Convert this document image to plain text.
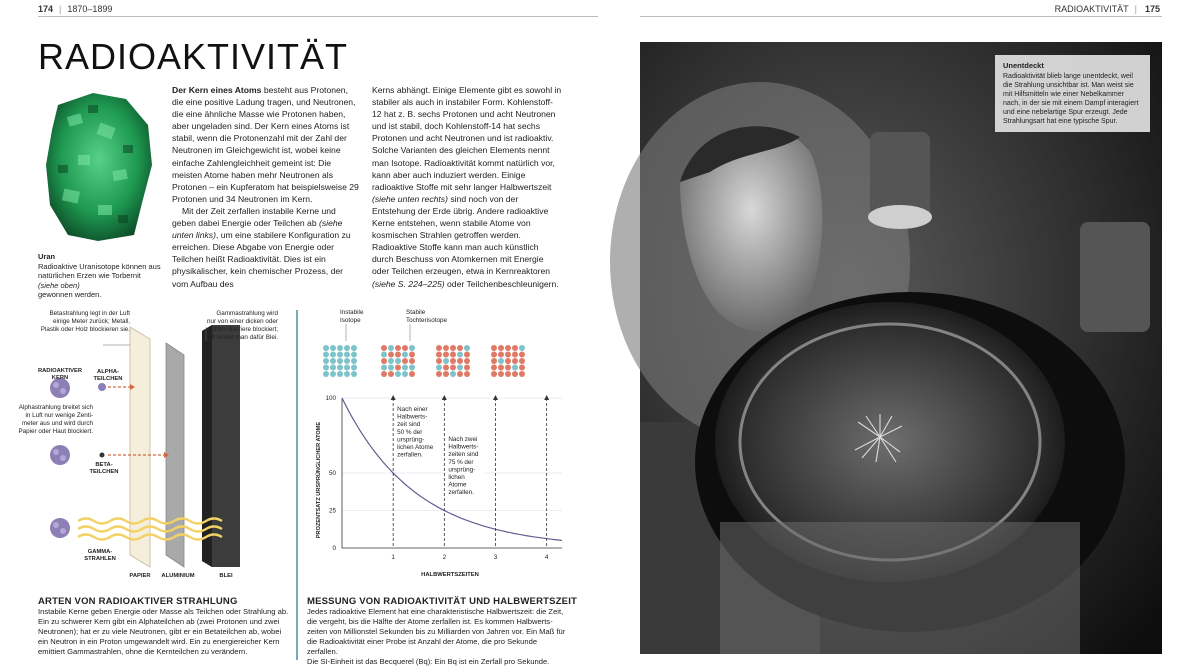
174 | 1870–1899	RADIOAKTIVITÄT | 175
RADIOAKTIVITÄT
Uran
Radioaktive Uranisotope können aus
natürlichen Erzen wie Torbernit (siehe oben)
gewonnen werden.

Der Kern eines Atoms besteht aus Protonen, die eine positive Ladung tragen, und Neutronen, die eine ähnliche Masse wie Protonen haben, aber ungeladen sind. Der Kern eines Atoms ist stabil, wenn die Protonenzahl mit der Zahl der Neutronen im Gleichgewicht ist, wobei keine einfache Zahlengleichheit gemeint ist: Die meisten Atome haben mehr Neutronen als Protonen – ein Kupferatom hat beispielsweise 29 Protonen und 34 Neutronen im Kern.

Mit der Zeit zerfallen instabile Kerne und geben dabei Energie oder Teilchen ab (siehe unten links), um eine stabilere Konfiguration zu erreichen. Diese Abgabe von Energie oder Teilchen heißt Radioaktivität. Dies ist ein physikalischer, kein chemischer Prozess, der vom Aufbau des

Kerns abhängt. Einige Elemente gibt es sowohl in stabiler als auch in instabiler Form. Kohlenstoff-12 hat z. B. sechs Protonen und acht Neutronen und ist stabil, doch Kohlenstoff-14 hat sechs Protonen und acht Neutronen und ist radioaktiv. Solche Varianten des gleichen Elements nennt man Isotope. Radioaktivität kommt natürlich vor, kann aber auch induziert werden. Einige radioaktive Stoffe mit sehr langer Halbwertszeit (siehe unten rechts) sind noch von der Entstehung der Erde übrig. Andere radioaktive Kerne entstehen, wenn stabile Atome von kosmischen Strahlen getroffen werden. Radioaktive Stoffe kann man auch künstlich durch Beschuss von Atomkernen mit Energie oder Teilchen erzeugen, etwa in Kernreaktoren (siehe S. 224–225) oder Teilchenbeschleunigern.

Betastrahlung legt in der Luft
einige Meter zurück; Metall,
Plastik oder Holz blockieren sie.
Alphastrahlung breitet sich
in Luft nur wenige Zenti-
meter aus und wird durch
Papier oder Haut blockiert.
Gammastrahlung wird
nur von einer dicken oder
dichten Barriere blockiert;
oft nimmt man dafür Blei.
RADIOAKTIVER
KERN
ALPHA-
TEILCHEN
BETA-
TEILCHEN
GAMMA-
STRAHLEN
PAPIER ALUMINIUM	BLEI
Instabile
Isotope
Stabile
Tochterisotope
1	2	3	4
0
25
50
100
HALBWERTSZEITEN
PROZENTSATZ URSPRÜNGLICHER ATOME
Nach einer
Halbwerts-
zeit sind
50 % der
ursprüng-
lichen Atome
zerfallen.
Nach zwei
Halbwerts-
zeiten sind
75 % der
ursprüng-
lichen
Atome
zerfallen.
ARTEN VON RADIOAKTIVER STRAHLUNG
Instabile Kerne geben Energie oder Masse als Teilchen oder Strahlung ab.
Ein zu schwerer Kern gibt ein Alphateilchen ab (zwei Protonen und zwei
Neutronen); hat er zu viele Neutronen, gibt er ein Betateilchen ab, wobei
ein Neutron in ein Proton umgewandelt wird. Ein zu energiereicher Kern
emittiert Gammastrahlen, ohne die Kernteilchen zu verändern.
MESSUNG VON RADIOAKTIVITÄT UND HALBWERTSZEIT
Jedes radioaktive Element hat eine charakteristische Halbwertszeit: die Zeit,
die vergeht, bis die Hälfte der Atome zerfallen ist. Es kommen Halbwerts-
zeiten von Millionstel Sekunden bis zu Milliarden von Jahren vor. Ein Maß für
die Radioaktivität einer Probe ist Anzahl der Atome, die pro Sekunde zerfallen.
Die SI-Einheit ist das Becquerel (Bq): Ein Bq ist ein Zerfall pro Sekunde.
Unentdeckt
Radioaktivität blieb lange unentdeckt, weil die Strahlung unsichtbar ist. Man weist sie mit Hilfsmitteln wie einer Nebelkammer nach, in der sie mit einem Dampf interagiert und eine nebelartige Spur erzeugt. Jede Strahlungsart hat eine typische Spur.
